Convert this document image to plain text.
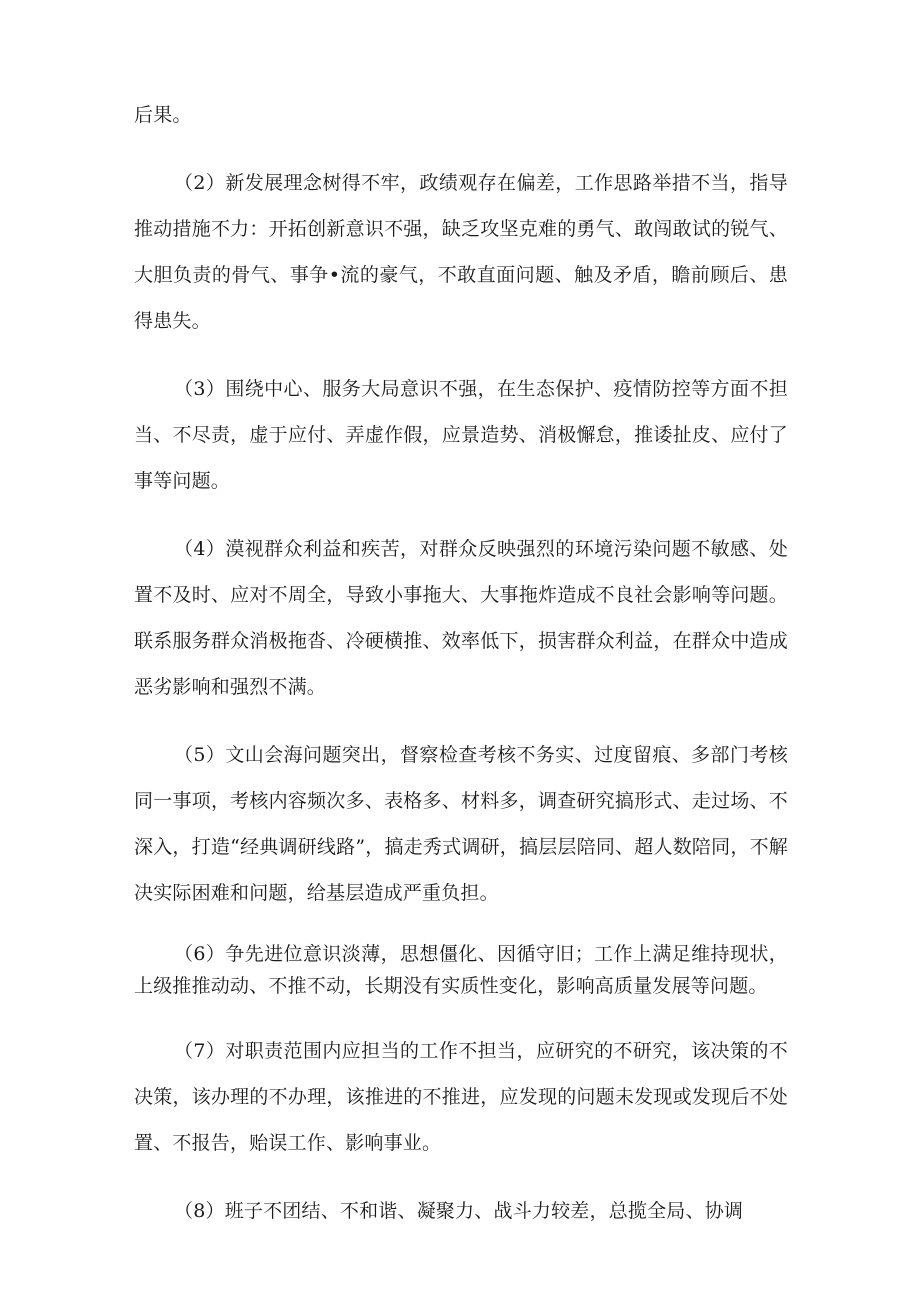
后果。

（2）新发展理念树得不牢，政绩观存在偏差，工作思路举措不当，指导推动措施不力：开拓创新意识不强，缺乏攻坚克难的勇气、敢闯敢试的锐气、大胆负责的骨气、事争•流的豪气，不敢直面问题、触及矛盾，瞻前顾后、患得患失。

（3）围绕中心、服务大局意识不强，在生态保护、疫情防控等方面不担当、不尽责，虚于应付、弄虚作假，应景造势、消极懈怠，推诿扯皮、应付了事等问题。

（4）漠视群众利益和疾苦，对群众反映强烈的环境污染问题不敏感、处置不及时、应对不周全，导致小事拖大、大事拖炸造成不良社会影响等问题。联系服务群众消极拖沓、冷硬横推、效率低下，损害群众利益，在群众中造成恶劣影响和强烈不满。

（5）文山会海问题突出，督察检查考核不务实、过度留痕、多部门考核同一事项，考核内容频次多、表格多、材料多，调查研究搞形式、走过场、不深入，打造“经典调研线路”，搞走秀式调研，搞层层陪同、超人数陪同，不解决实际困难和问题，给基层造成严重负担。

（6）争先进位意识淡薄，思想僵化、因循守旧；工作上满足维持现状，上级推推动动、不推不动，长期没有实质性变化，影响高质量发展等问题。

（7）对职责范围内应担当的工作不担当，应研究的不研究，该决策的不决策，该办理的不办理，该推进的不推进，应发现的问题未发现或发现后不处置、不报告，贻误工作、影响事业。

（8）班子不团结、不和谐、凝聚力、战斗力较差，总揽全局、协调
